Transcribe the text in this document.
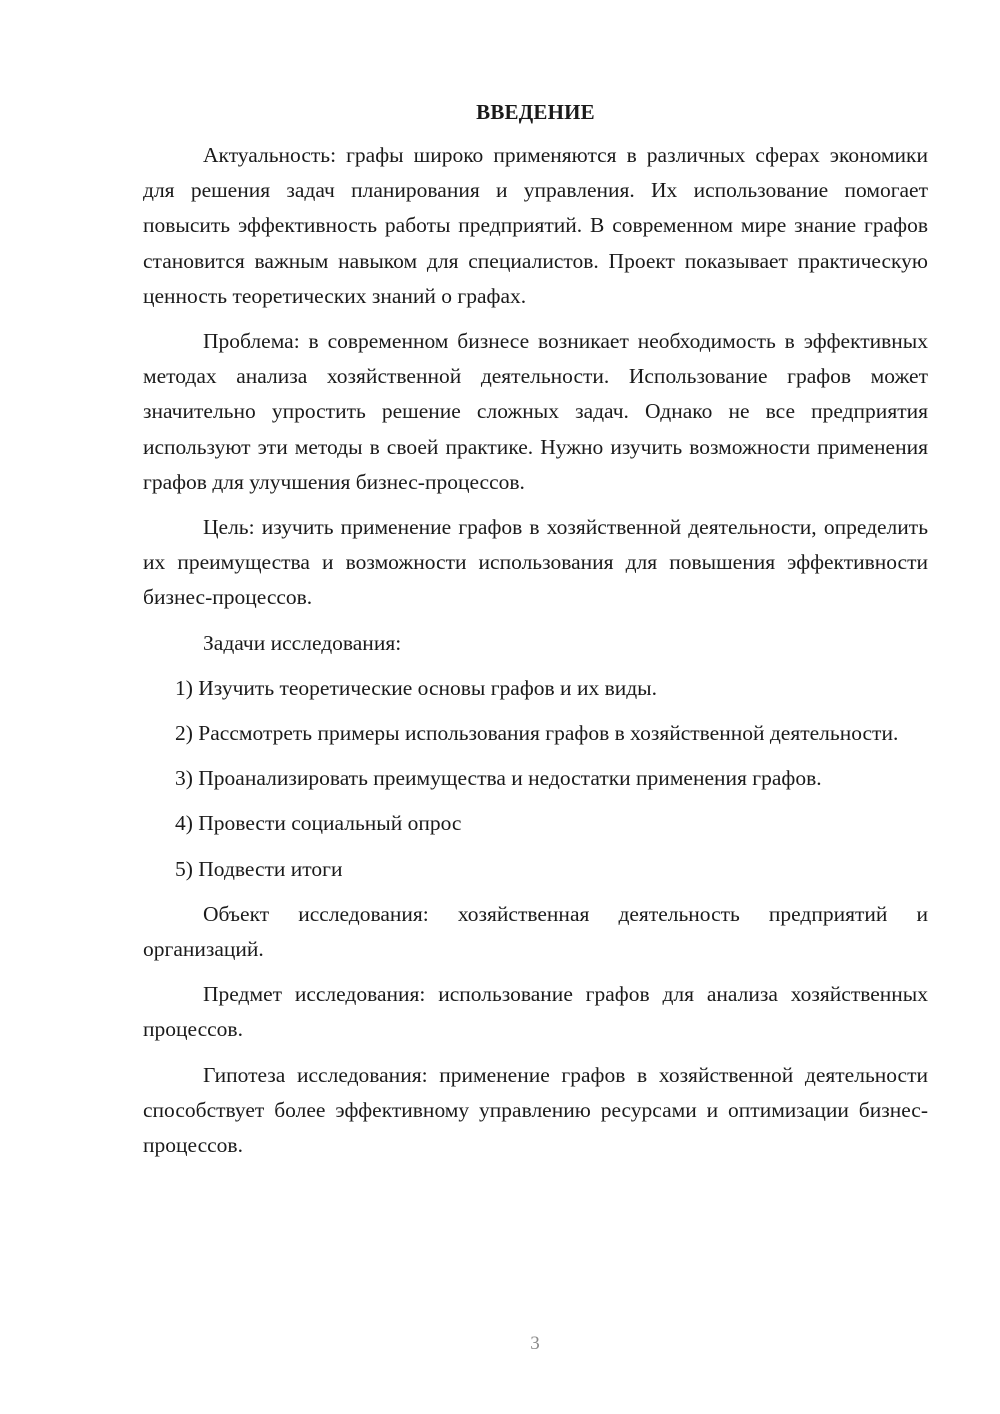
ВВЕДЕНИЕ

Актуальность: графы широко применяются в различных сферах экономики для решения задач планирования и управления. Их использование помогает повысить эффективность работы предприятий. В современном мире знание графов становится важным навыком для специалистов. Проект показывает практическую ценность теоретических знаний о графах.

Проблема: в современном бизнесе возникает необходимость в эффективных методах анализа хозяйственной деятельности. Использование графов может значительно упростить решение сложных задач. Однако не все предприятия используют эти методы в своей практике. Нужно изучить возможности применения графов для улучшения бизнес-процессов.

Цель: изучить применение графов в хозяйственной деятельности, определить их преимущества и возможности использования для повышения эффективности бизнес-процессов.

Задачи исследования:

1) Изучить теоретические основы графов и их виды.

2) Рассмотреть примеры использования графов в хозяйственной деятельности.

3) Проанализировать преимущества и недостатки применения графов.

4) Провести социальный опрос

5) Подвести итоги

Объект исследования: хозяйственная деятельность предприятий и организаций.

Предмет исследования: использование графов для анализа хозяйственных процессов.

Гипотеза исследования: применение графов в хозяйственной деятельности способствует более эффективному управлению ресурсами и оптимизации бизнес-процессов.

3
